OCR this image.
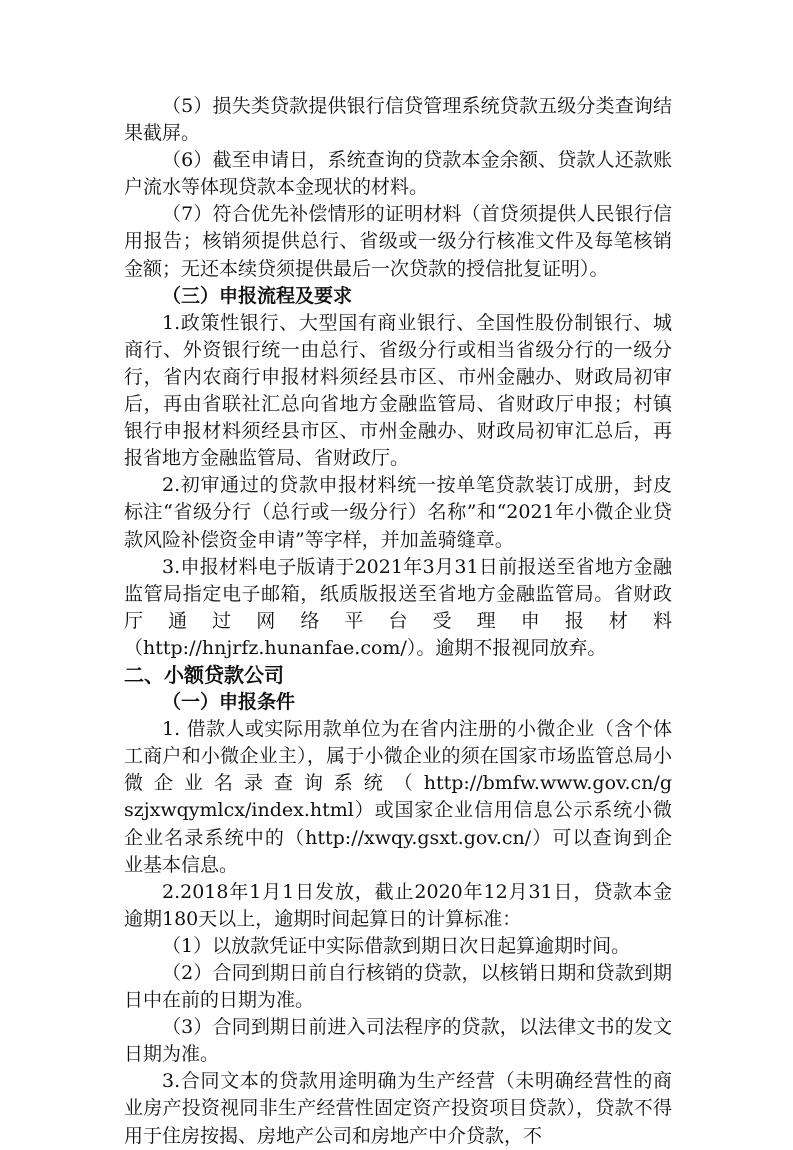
（5）损失类贷款提供银行信贷管理系统贷款五级分类查询结果截屏。

（6）截至申请日，系统查询的贷款本金余额、贷款人还款账户流水等体现贷款本金现状的材料。

（7）符合优先补偿情形的证明材料（首贷须提供人民银行信用报告；核销须提供总行、省级或一级分行核准文件及每笔核销金额；无还本续贷须提供最后一次贷款的授信批复证明）。

（三）申报流程及要求

1.政策性银行、大型国有商业银行、全国性股份制银行、城商行、外资银行统一由总行、省级分行或相当省级分行的一级分行，省内农商行申报材料须经县市区、市州金融办、财政局初审后，再由省联社汇总向省地方金融监管局、省财政厅申报；村镇银行申报材料须经县市区、市州金融办、财政局初审汇总后，再报省地方金融监管局、省财政厅。

2.初审通过的贷款申报材料统一按单笔贷款装订成册，封皮标注“省级分行（总行或一级分行）名称”和“2021年小微企业贷款风险补偿资金申请”等字样，并加盖骑缝章。

3.申报材料电子版请于2021年3月31日前报送至省地方金融监管局指定电子邮箱，纸质版报送至省地方金融监管局。省财政厅通过网络平台受理申报材料（http://hnjrfz.hunanfae.com/）。逾期不报视同放弃。

二、小额贷款公司

（一）申报条件

1. 借款人或实际用款单位为在省内注册的小微企业（含个体工商户和小微企业主），属于小微企业的须在国家市场监管总局小微企业名录查询系统（http://bmfw.www.gov.cn/g szjxwqymlcx/index.html）或国家企业信用信息公示系统小微企业名录系统中的（http://xwqy.gsxt.gov.cn/）可以查询到企业基本信息。

2.2018年1月1日发放，截止2020年12月31日，贷款本金逾期180天以上，逾期时间起算日的计算标准：

（1）以放款凭证中实际借款到期日次日起算逾期时间。

（2）合同到期日前自行核销的贷款，以核销日期和贷款到期日中在前的日期为准。

（3）合同到期日前进入司法程序的贷款，以法律文书的发文日期为准。

3.合同文本的贷款用途明确为生产经营（未明确经营性的商业房产投资视同非生产经营性固定资产投资项目贷款），贷款不得用于住房按揭、房地产公司和房地产中介贷款，不
